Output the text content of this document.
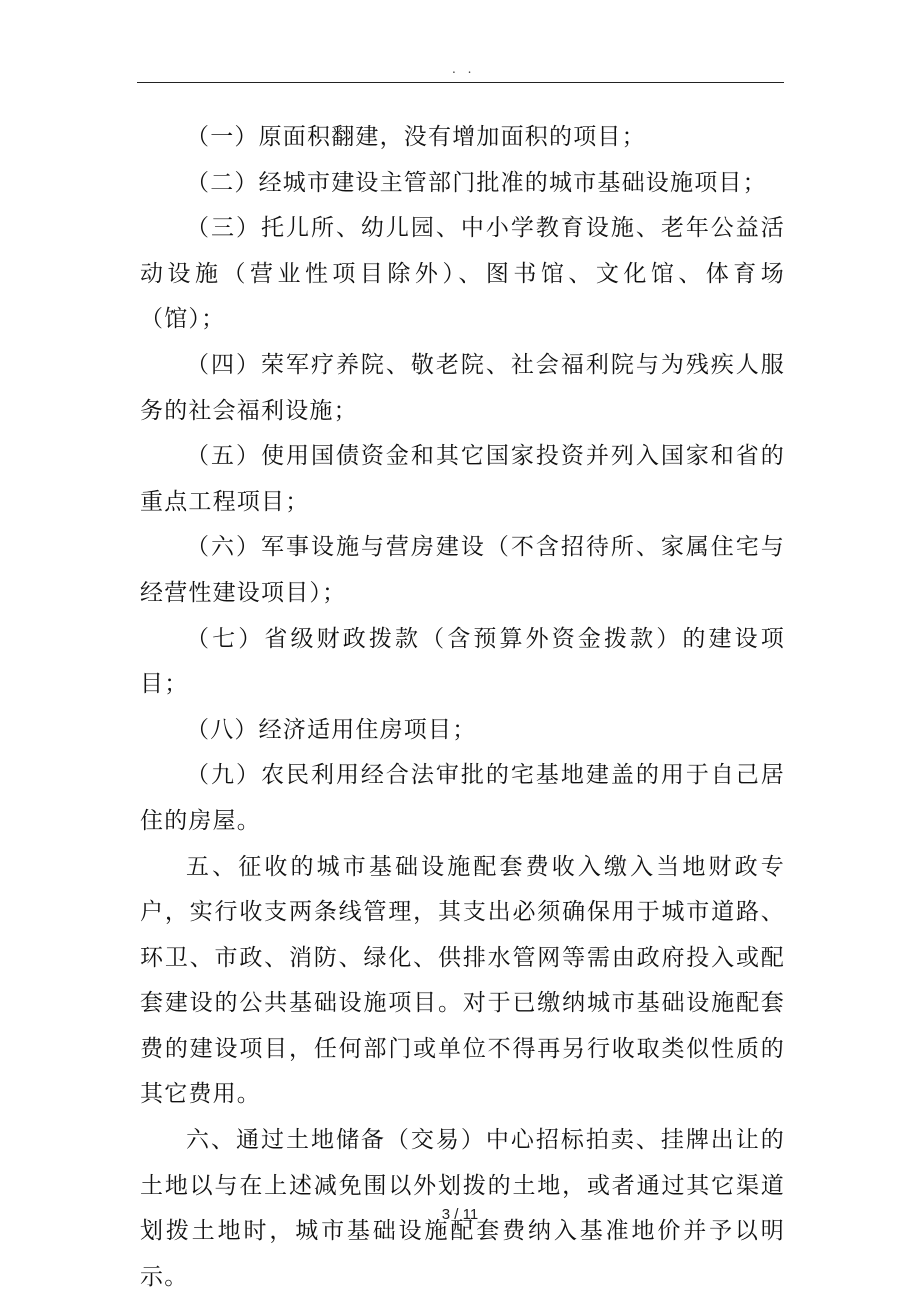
. .

（一）原面积翻建，没有增加面积的项目；

（二）经城市建设主管部门批准的城市基础设施项目；

（三）托儿所、幼儿园、中小学教育设施、老年公益活动设施（营业性项目除外）、图书馆、文化馆、体育场（馆）；

（四）荣军疗养院、敬老院、社会福利院与为残疾人服务的社会福利设施；

（五）使用国债资金和其它国家投资并列入国家和省的重点工程项目；

（六）军事设施与营房建设（不含招待所、家属住宅与经营性建设项目）；

（七）省级财政拨款（含预算外资金拨款）的建设项目；

（八）经济适用住房项目；

（九）农民利用经合法审批的宅基地建盖的用于自己居住的房屋。

五、征收的城市基础设施配套费收入缴入当地财政专户，实行收支两条线管理，其支出必须确保用于城市道路、环卫、市政、消防、绿化、供排水管网等需由政府投入或配套建设的公共基础设施项目。对于已缴纳城市基础设施配套费的建设项目，任何部门或单位不得再另行收取类似性质的其它费用。

六、通过土地储备（交易）中心招标拍卖、挂牌出让的土地以与在上述减免围以外划拨的土地，或者通过其它渠道划拨土地时，城市基础设施配套费纳入基准地价并予以明示。

3 / 11
